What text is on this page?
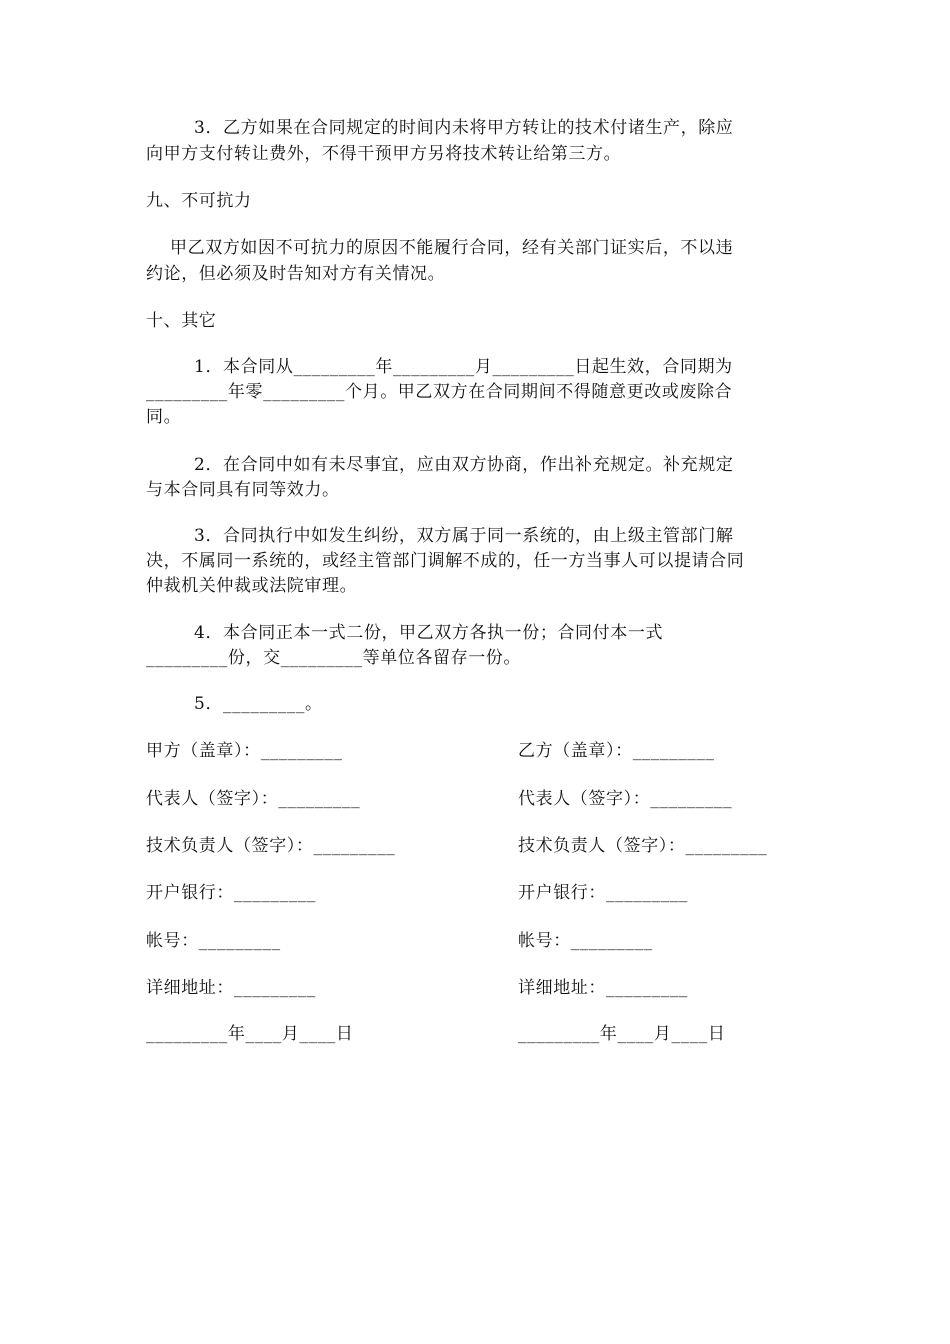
3．乙方如果在合同规定的时间内未将甲方转让的技术付诸生产，除应
向甲方支付转让费外，不得干预甲方另将技术转让给第三方。
九、不可抗力
甲乙双方如因不可抗力的原因不能履行合同，经有关部门证实后，不以违
约论，但必须及时告知对方有关情况。
十、其它
1．本合同从_________年_________月_________日起生效，合同期为
_________年零_________个月。甲乙双方在合同期间不得随意更改或废除合
同。
2．在合同中如有未尽事宜，应由双方协商，作出补充规定。补充规定
与本合同具有同等效力。
3．合同执行中如发生纠纷，双方属于同一系统的，由上级主管部门解
决，不属同一系统的，或经主管部门调解不成的，任一方当事人可以提请合同
仲裁机关仲裁或法院审理。
4．本合同正本一式二份，甲乙双方各执一份；合同付本一式
_________份，交_________等单位各留存一份。
5．_________。
甲方（盖章）：_________
代表人（签字）：_________
技术负责人（签字）：_________
开户银行：_________
帐号：_________
详细地址：_________
_________年____月____日
乙方（盖章）：_________
代表人（签字）：_________
技术负责人（签字）：_________
开户银行：_________
帐号：_________
详细地址：_________
_________年____月____日
